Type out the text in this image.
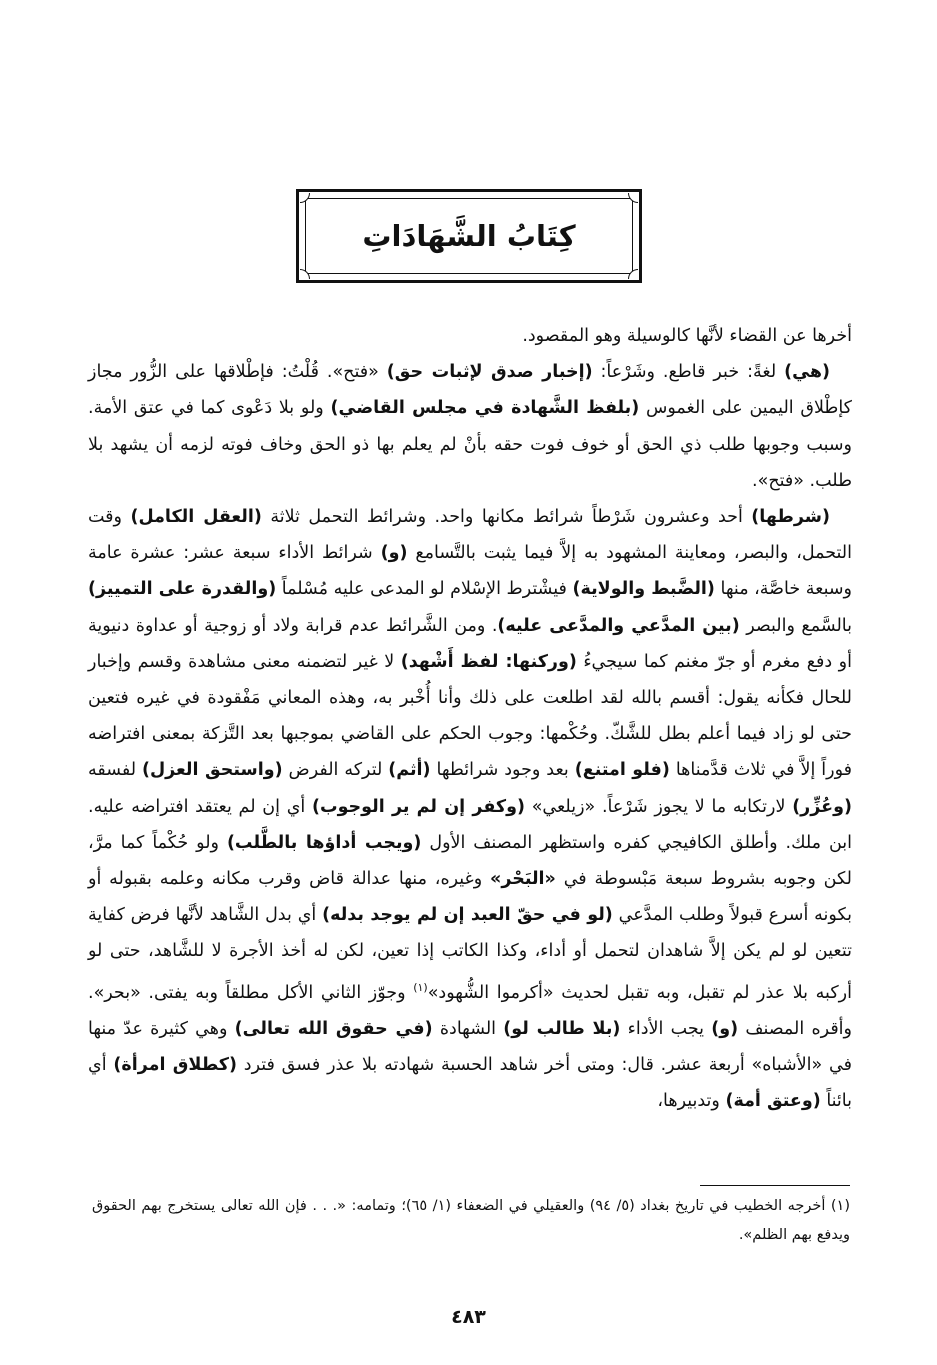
كِتَابُ الشَّهَادَاتِ

أخرها عن القضاء لأنَّها كالوسيلة وهو المقصود.

(هي) لغةً: خبر قاطع. وشَرْعاً: (إخبار صدق لإثبات حق) «فتح». قُلْتُ: فإطْلاقها على الزُّور مجاز كإطْلاق اليمين على الغموس (بلفظ الشَّهادة في مجلس القاضي) ولو بلا دَعْوى كما في عتق الأمة. وسبب وجوبها طلب ذي الحق أو خوف فوت حقه بأنْ لم يعلم بها ذو الحق وخاف فوته لزمه أن يشهد بلا طلب. «فتح».

(شرطها) أحد وعشرون شَرْطاً شرائط مكانها واحد. وشرائط التحمل ثلاثة (العقل الكامل) وقت التحمل، والبصر، ومعاينة المشهود به إلاَّ فيما يثبت بالتَّسامع (و) شرائط الأداء سبعة عشر: عشرة عامة وسبعة خاصَّة، منها (الضَّبط والولاية) فيشْترط الإسْلام لو المدعى عليه مُسْلماً (والقدرة على التمييز) بالسَّمع والبصر (بين المدَّعي والمدَّعى عليه). ومن الشَّرائط عدم قرابة ولاد أو زوجية أو عداوة دنيوية أو دفع مغرم أو جرّ مغنم كما سيجيءُ (وركنها: لفظ أَشْهد) لا غير لتضمنه معنى مشاهدة وقسم وإخبار للحال فكأنه يقول: أقسم بالله لقد اطلعت على ذلك وأنا أُخْبر به، وهذه المعاني مَفْقودة في غيره فتعين حتى لو زاد فيما أعلم بطل للشَّكّ. وحُكْمها: وجوب الحكم على القاضي بموجبها بعد التَّزكة بمعنى افتراضه فوراً إلاَّ في ثلاث قدَّمناها (فلو امتنع) بعد وجود شرائطها (أثم) لتركه الفرض (واستحق العزل) لفسقه (وعُزِّر) لارتكابه ما لا يجوز شَرْعاً. «زيلعي» (وكفر إن لم ير الوجوب) أي إن لم يعتقد افتراضه عليه. ابن ملك. وأطلق الكافيجي كفره واستظهر المصنف الأول (ويجب أداؤها بالطَّلب) ولو حُكْماً كما مرَّ، لكن وجوبه بشروط سبعة مَبْسوطة في «البَحْر» وغيره، منها عدالة قاض وقرب مكانه وعلمه بقبوله أو بكونه أسرع قبولاً وطلب المدَّعي (لو في حقّ العبد إن لم يوجد بدله) أي بدل الشَّاهد لأنَّها فرض كفاية تتعين لو لم يكن إلاَّ شاهدان لتحمل أو أداء، وكذا الكاتب إذا تعين، لكن له أخذ الأجرة لا للشَّاهد، حتى لو أركبه بلا عذر لم تقبل، وبه تقبل لحديث «أكرموا الشُّهود»$^{(١)}$ وجوّز الثاني الأكل مطلقاً وبه يفتى. «بحر». وأقره المصنف (و) يجب الأداء (بلا طالب لو) الشهادة (في حقوق الله تعالى) وهي كثيرة عدّ منها في «الأشباه» أربعة عشر. قال: ومتى أخر شاهد الحسبة شهادته بلا عذر فسق فترد (كطلاق امرأة) أي بائناً (وعتق أمة) وتدبيرها،

(١) أخرجه الخطيب في تاريخ بغداد (٥/ ٩٤) والعقيلي في الضعفاء (١/ ٦٥)؛ وتمامه: «. . . فإن الله تعالى يستخرج بهم الحقوق ويدفع بهم الظلم».

٤٨٣
